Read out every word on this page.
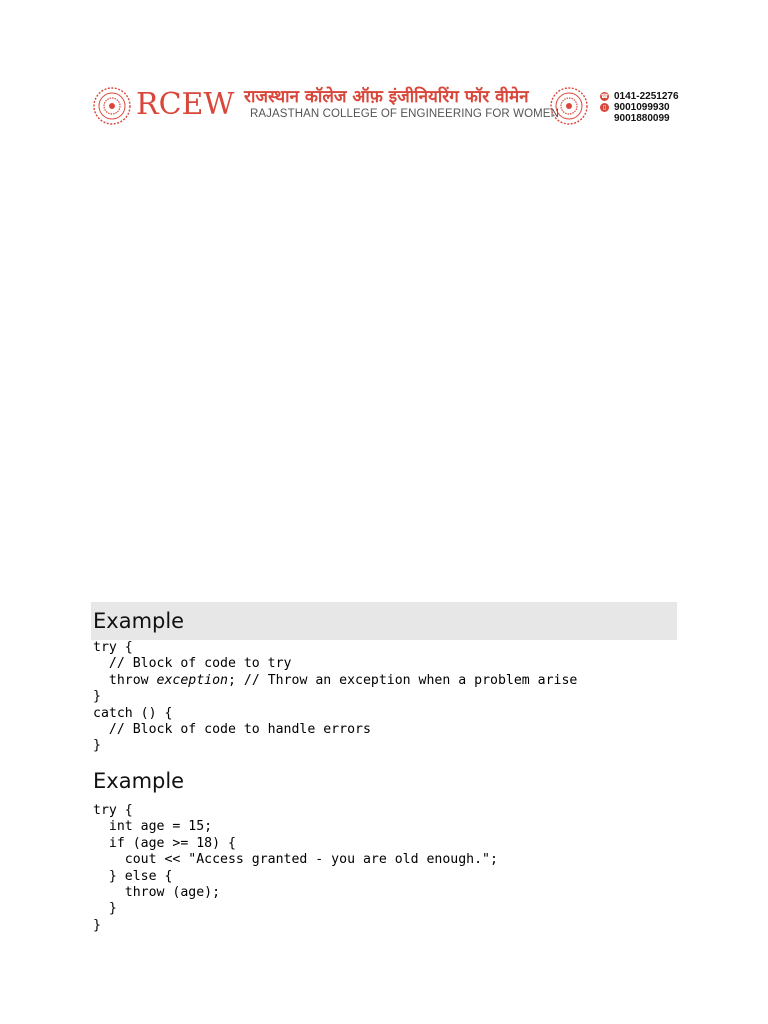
RCEW राजस्थान कॉलेज ऑफ़ इंजीनियरिंग फॉर वीमेन
RAJASTHAN COLLEGE OF ENGINEERING FOR WOMEN
☎ 0141-2251276
▯ 9001099930
9001880099
Example
try {
// Block of code to try
throw exception; // Throw an exception when a problem arise
}
catch () {
// Block of code to handle errors
}
Example
try {
int age = 15;
if (age >= 18) {
cout << "Access granted - you are old enough.";
} else {
throw (age);
}
}
